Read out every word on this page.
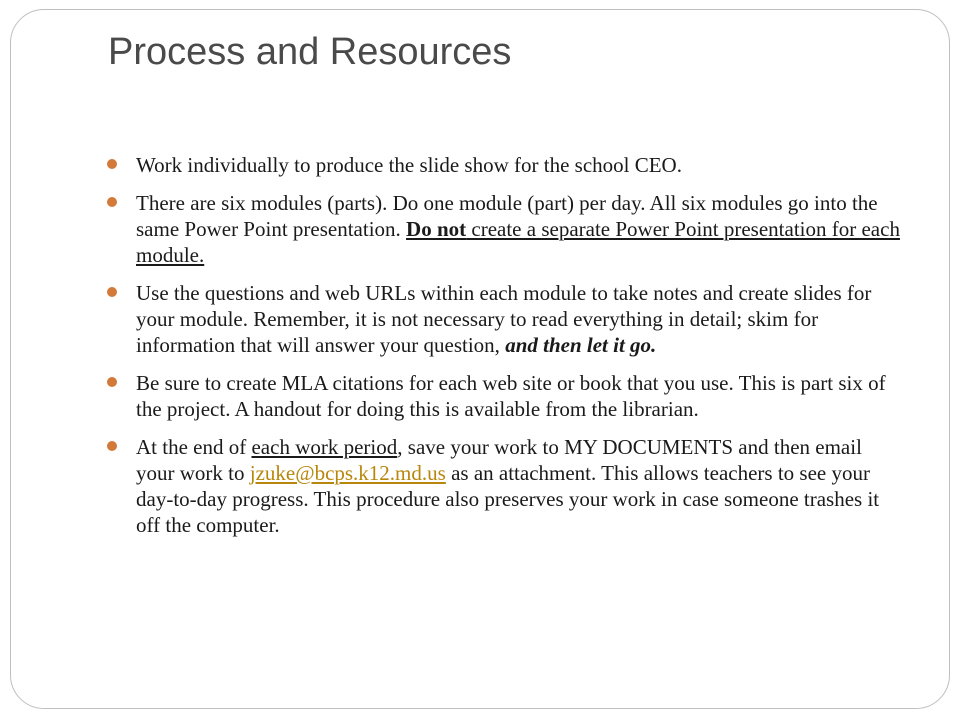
Process and Resources
Work individually to produce the slide show for the school CEO.
There are six modules (parts). Do one module (part) per day. All six modules go into the same Power Point presentation. Do not create a separate Power Point presentation for each module.
Use the questions and web URLs within each module to take notes and create slides for your module. Remember, it is not necessary to read everything in detail; skim for information that will answer your question, and then let it go.
Be sure to create MLA citations for each web site or book that you use. This is part six of the project. A handout for doing this is available from the librarian.
At the end of each work period, save your work to MY DOCUMENTS and then email your work to jzuke@bcps.k12.md.us as an attachment. This allows teachers to see your day-to-day progress. This procedure also preserves your work in case someone trashes it off the computer.
